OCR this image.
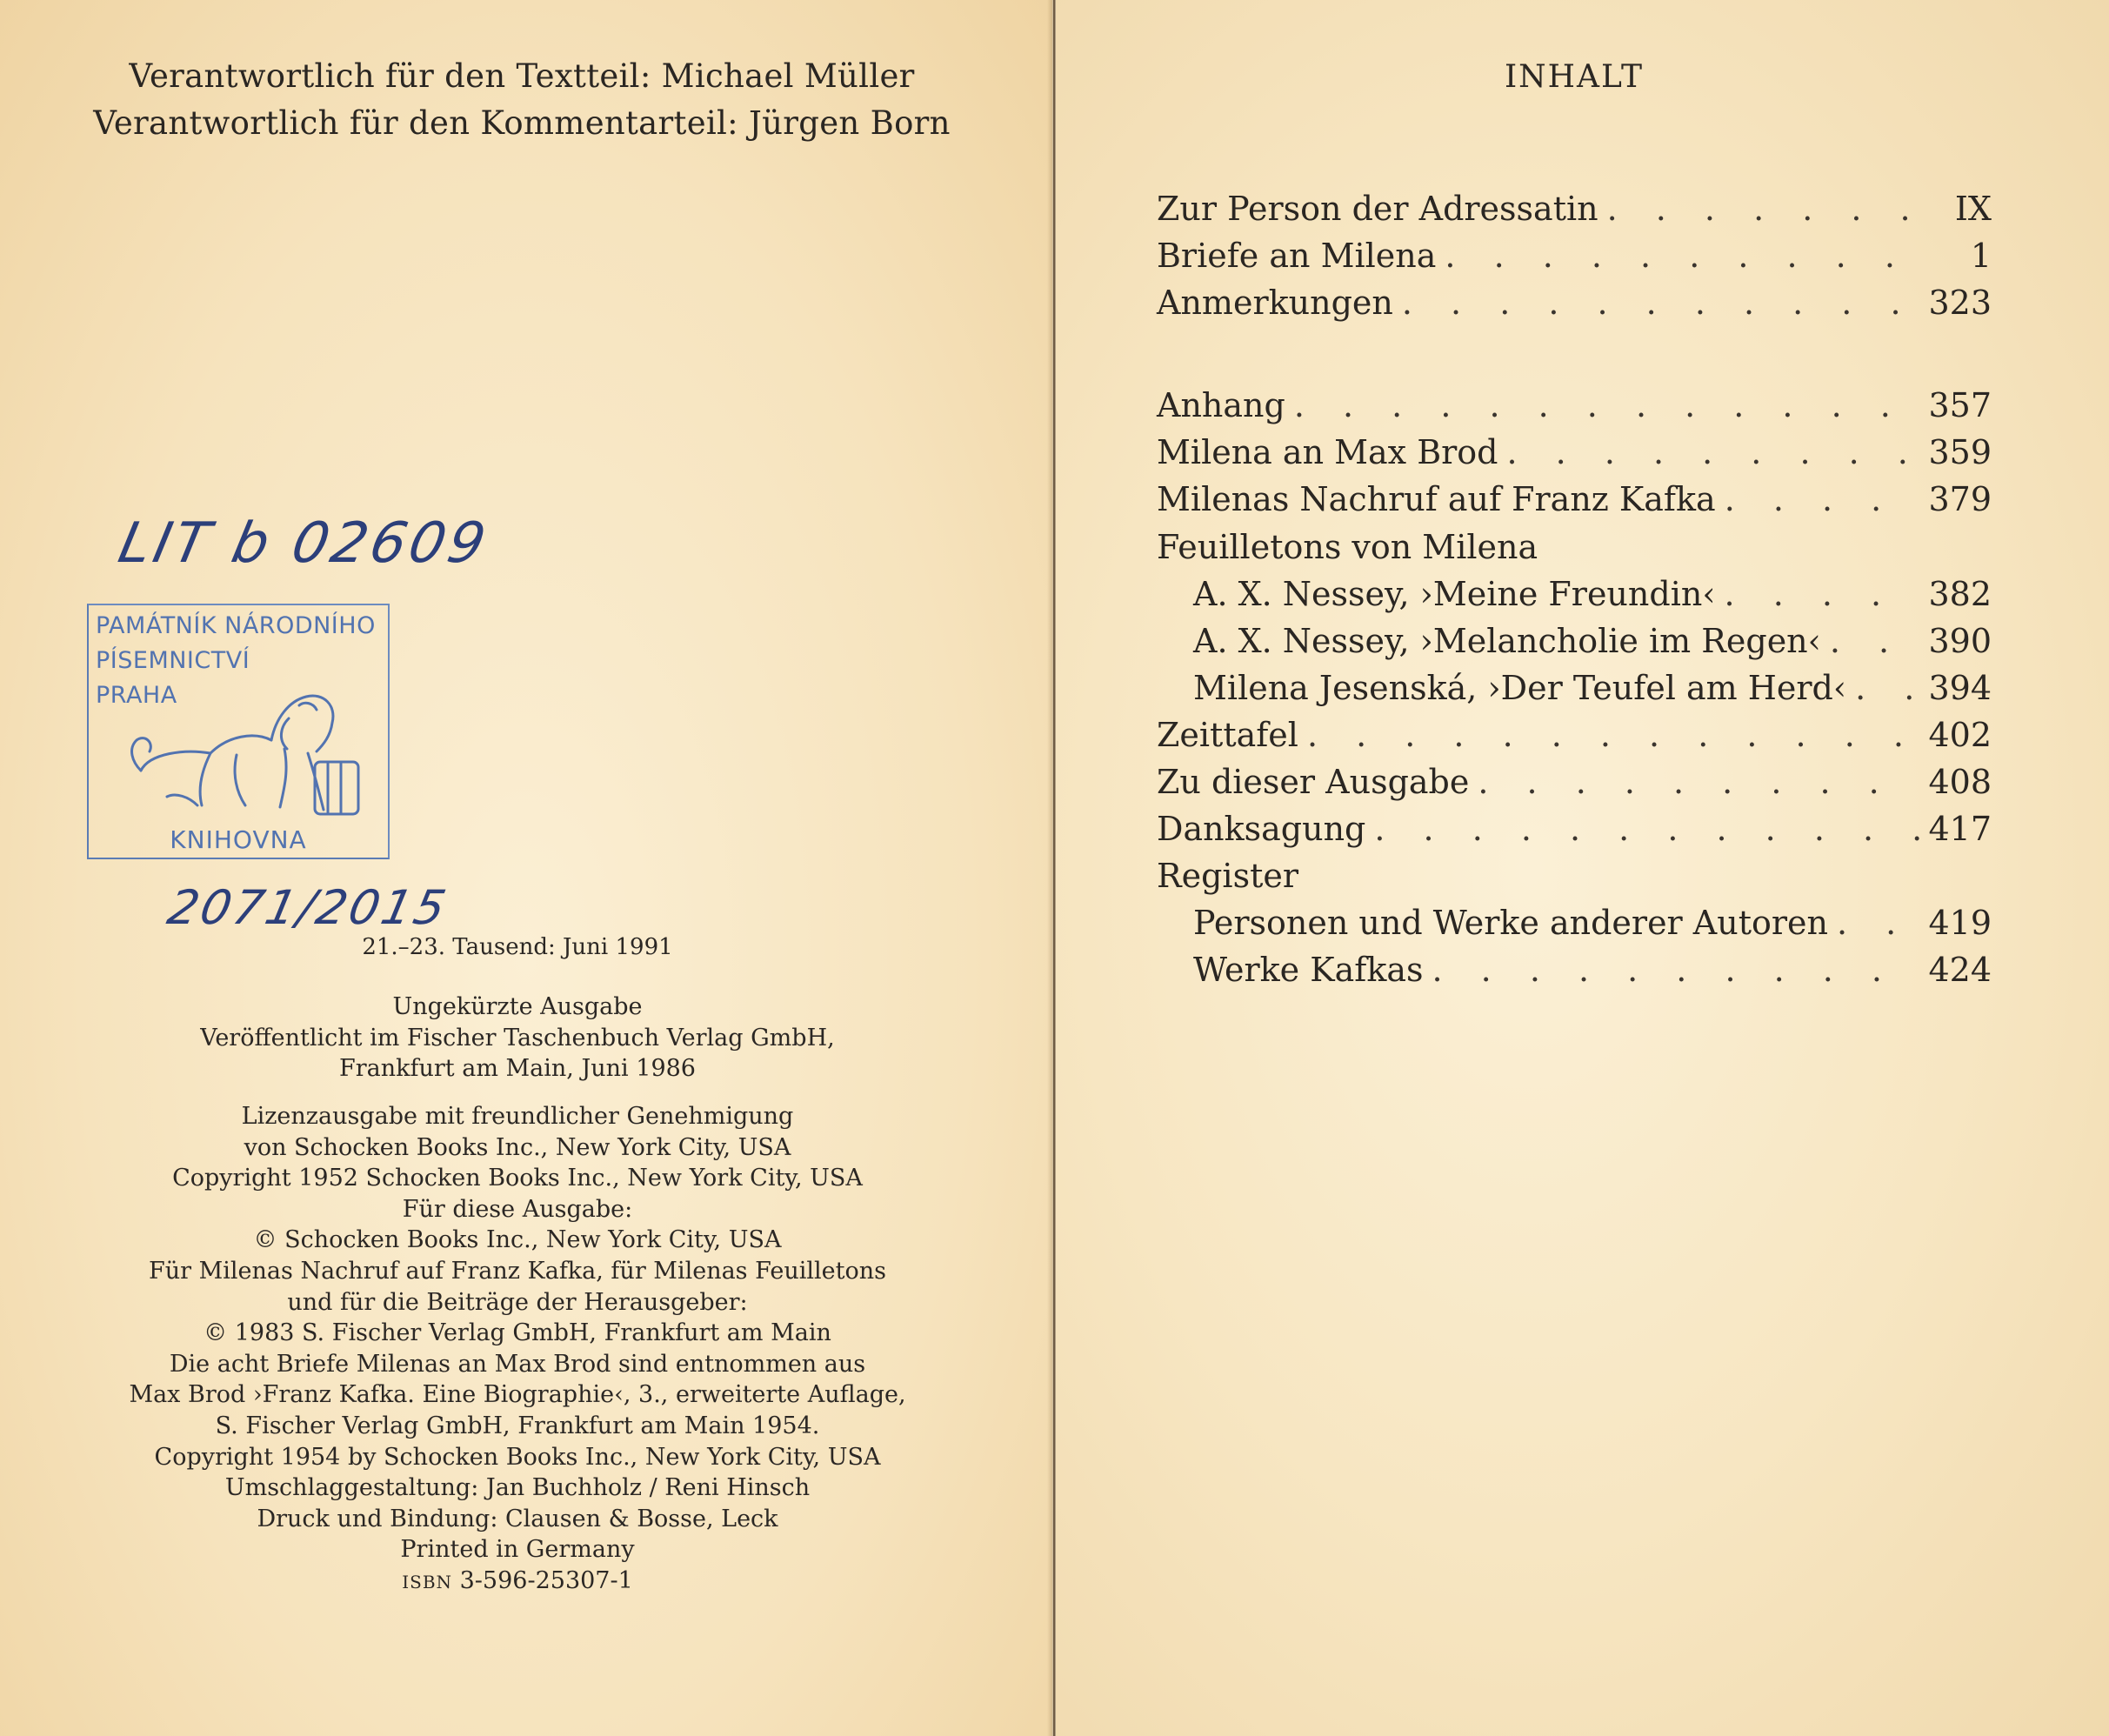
Verantwortlich für den Textteil: Michael Müller
Verantwortlich für den Kommentarteil: Jürgen Born
LIT b 02609
PAMÁTNÍK NÁRODNÍHO
PÍSEMNICTVÍ
PRAHA
KNIHOVNA
2071/2015
21.–23. Tausend: Juni 1991
Ungekürzte Ausgabe
Veröffentlicht im Fischer Taschenbuch Verlag GmbH,
Frankfurt am Main, Juni 1986
Lizenzausgabe mit freundlicher Genehmigung
von Schocken Books Inc., New York City, USA
Copyright 1952 Schocken Books Inc., New York City, USA
Für diese Ausgabe:
© Schocken Books Inc., New York City, USA
Für Milenas Nachruf auf Franz Kafka, für Milenas Feuilletons
und für die Beiträge der Herausgeber:
© 1983 S. Fischer Verlag GmbH, Frankfurt am Main
Die acht Briefe Milenas an Max Brod sind entnommen aus
Max Brod ›Franz Kafka. Eine Biographie‹, 3., erweiterte Auflage,
S. Fischer Verlag GmbH, Frankfurt am Main 1954.
Copyright 1954 by Schocken Books Inc., New York City, USA
Umschlaggestaltung: Jan Buchholz / Reni Hinsch
Druck und Bindung: Clausen & Bosse, Leck
Printed in Germany
ISBN 3-596-25307-1
INHALT
Zur Person der Adressatin . . .	IX
Briefe an Milena . . .	1
Anmerkungen . . .	323
Anhang . . .	357
Milena an Max Brod . . .	359
Milenas Nachruf auf Franz Kafka . . .	379
Feuilletons von Milena
A. X. Nessey, ›Meine Freundin‹ . . .	382
A. X. Nessey, ›Melancholie im Regen‹ . . .	390
Milena Jesenská, ›Der Teufel am Herd‹ . . . 394
Zeittafel . . .	402
Zu dieser Ausgabe . . .	408
Danksagung . . .	417
Register
Personen und Werke anderer Autoren . . .	419
Werke Kafkas . . .	424
